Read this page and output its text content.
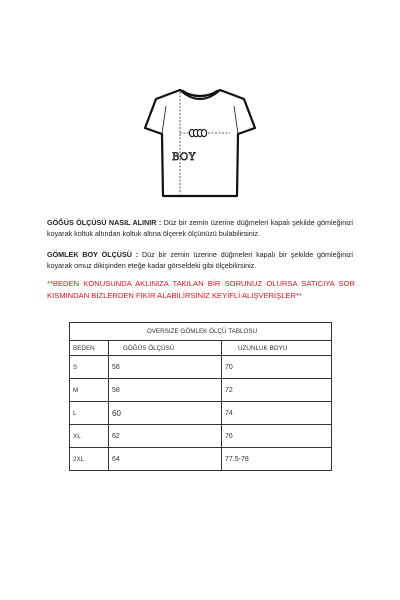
BOY

GÖĞÜS ÖLÇÜSÜ NASIL ALINIR : Düz bir zemin üzerine düğmeleri kapalı şekilde gömleğinizi koyarak koltuk altından koltuk altına ölçerek ölçünüzü bulabilirsiniz.

GÖMLEK BOY ÖLÇÜSÜ : Düz bir zemin üzerine düğmeleri kapalı bir şekilde gömleğinizi koyarak omuz dikişinden eteğe kadar görseldeki gibi ölçebilirsiniz.

**BEDEN KONUSUNDA AKLINIZA TAKILAN BİR SORUNUZ OLURSA SATICIYA SOR KISMINDAN BİZLERDEN FİKİR ALABİLİRSİNİZ KEYİFLİ ALIŞVERİŞLER**

OVERSIZE GÖMLEK ÖLÇÜ TABLOSU		
BEDEN	GÖĞÜS ÖLÇÜSÜ	UZUNLUK BOYU
S	56	70
M	58	72
L	60	74
XL	62	76
2XL	64	77.5-78
